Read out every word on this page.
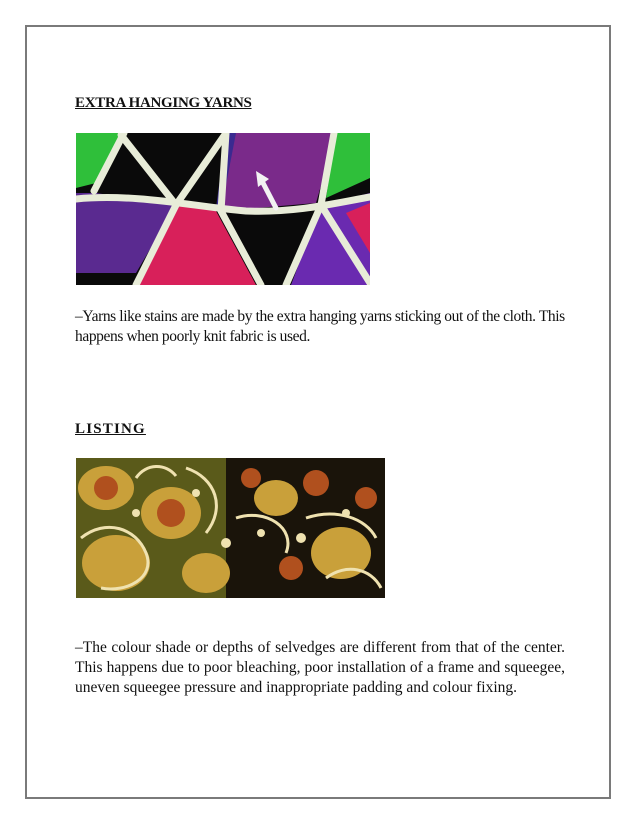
EXTRA HANGING YARNS

–Yarns like stains are made by the extra hanging yarns sticking out of the cloth. This happens when poorly knit fabric is used.

LISTING

–The colour shade or depths of selvedges are different from that of the center. This happens due to poor bleaching, poor installation of a frame and squeegee, uneven squeegee pressure and inappropriate padding and colour fixing.
